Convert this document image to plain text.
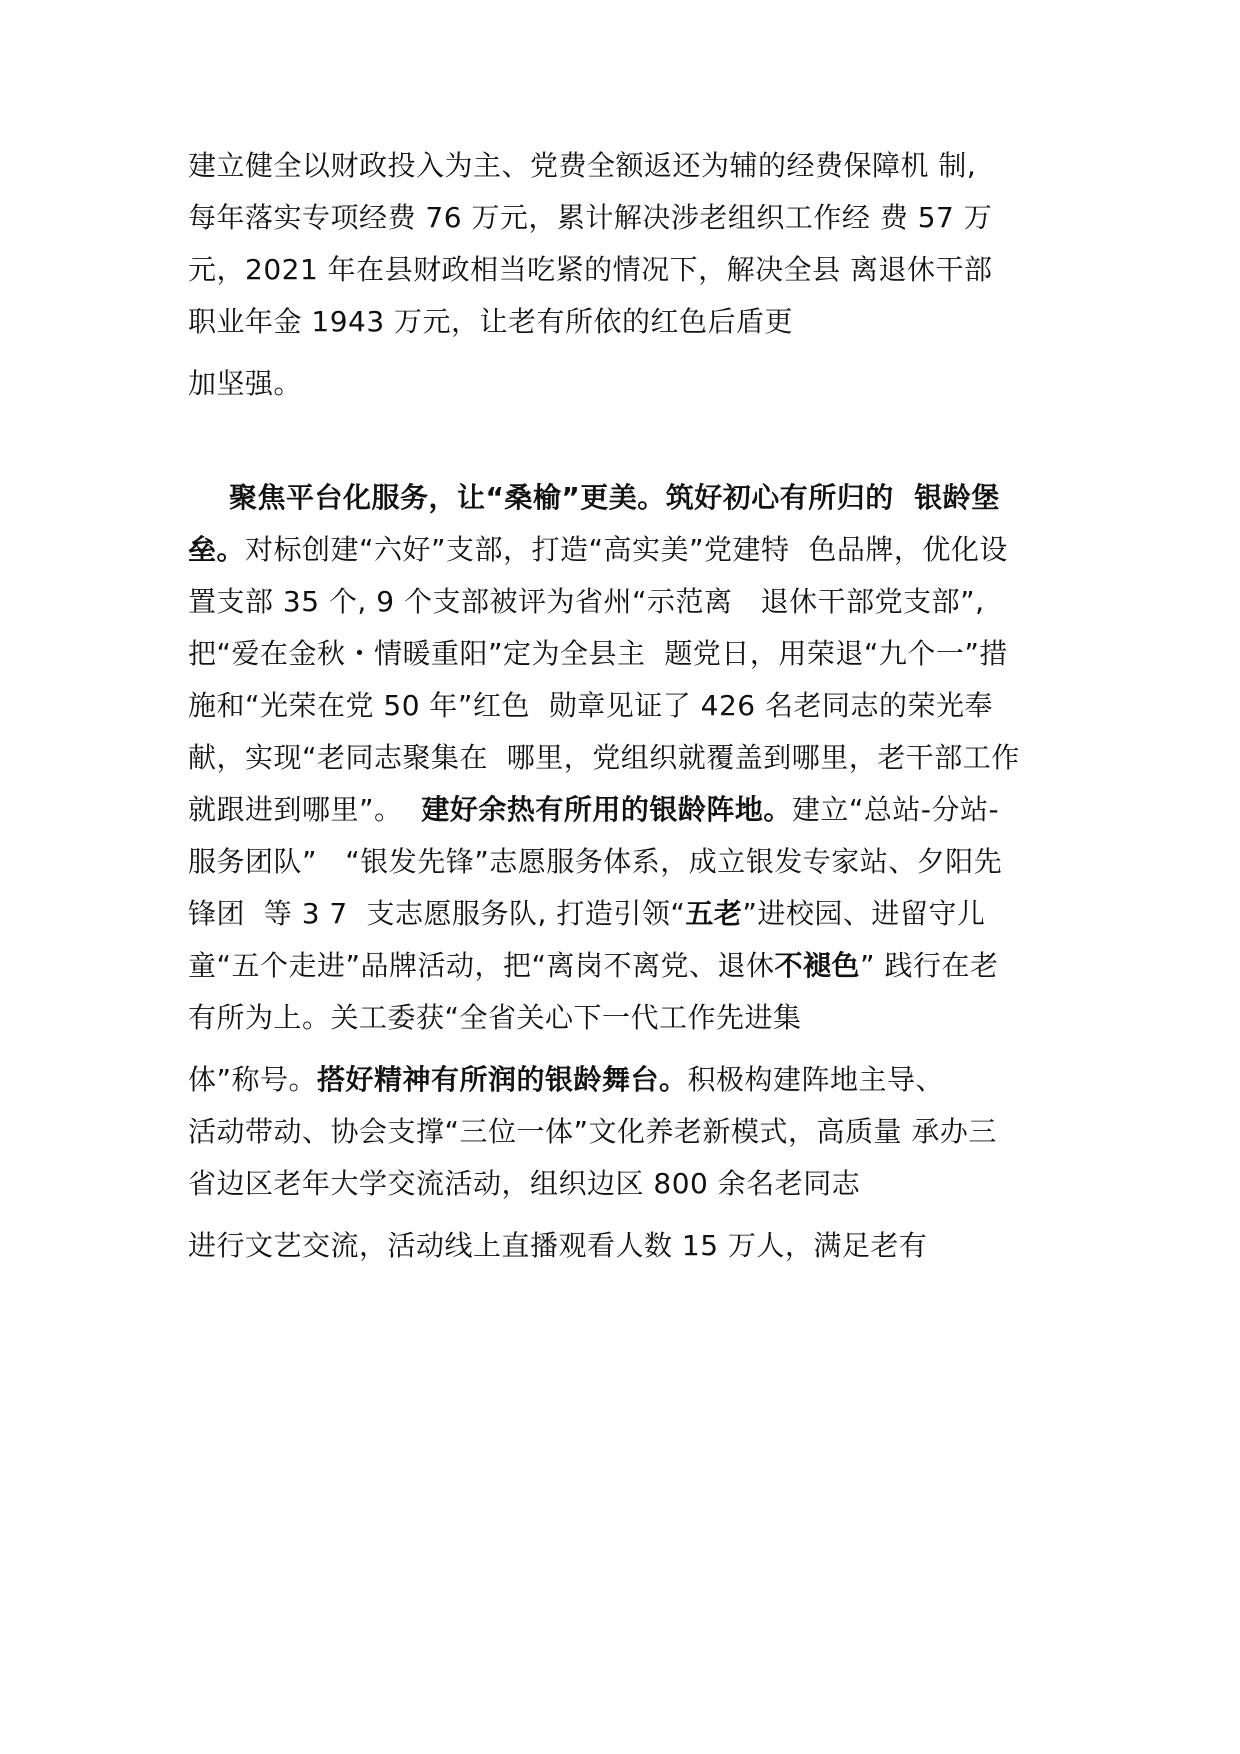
建立健全以财政投入为主、党费全额返还为辅的经费保障机 制,
每年落实专项经费 76 万元，累计解决涉老组织工作经 费 57 万
元，2021 年在县财政相当吃紧的情况下，解决全县 离退休干部
职业年金 1943 万元，让老有所依的红色后盾更
加坚强。
聚焦平台化服务，让“桑榆”更美。筑好初心有所归的  银龄堡
垒。对标创建“六好”支部，打造“高实美”党建特  色品牌，优化设
置支部 35 个, 9 个支部被评为省州“示范离   退休干部党支部”,
把“爱在金秋・情暖重阳”定为全县主  题党日，用荣退“九个一”措
施和“光荣在党 50 年”红色  勋章见证了 426 名老同志的荣光奉
献，实现“老同志聚集在  哪里，党组织就覆盖到哪里，老干部工作
就跟进到哪里”。  建好余热有所用的银龄阵地。建立“总站-分站-
服务团队”   “银发先锋”志愿服务体系，成立银发专家站、夕阳先
锋团  等 3 7  支志愿服务队, 打造引领“五老”进校园、进留守儿
童“五个走进”品牌活动，把“离岗不离党、退休不褪色” 践行在老
有所为上。关工委获“全省关心下一代工作先进集
体”称号。搭好精神有所润的银龄舞台。积极构建阵地主导、
活动带动、协会支撑“三位一体”文化养老新模式，高质量 承办三
省边区老年大学交流活动，组织边区 800 余名老同志
进行文艺交流，活动线上直播观看人数 15 万人，满足老有
